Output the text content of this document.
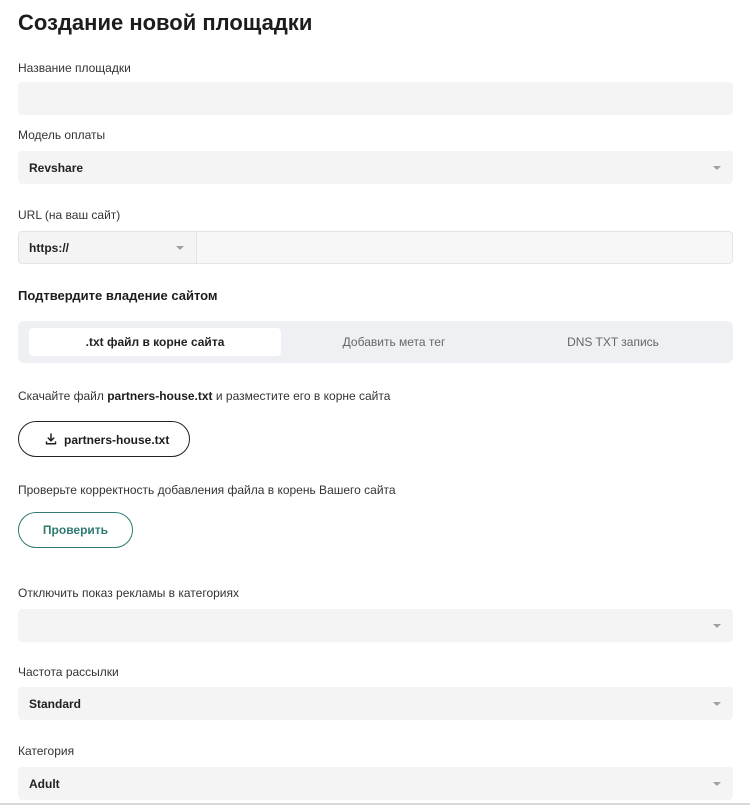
Создание новой площадки
Название площадки
Модель оплаты
Revshare
URL (на ваш сайт)
https://
Подтвердите владение сайтом
.txt файл в корне сайта	Добавить мета тег	DNS TXT запись
Скачайте файл partners-house.txt и разместите его в корне сайта
partners-house.txt
Проверьте корректность добавления файла в корень Вашего сайта
Проверить
Отключить показ рекламы в категориях
Частота рассылки
Standard
Категория
Adult
